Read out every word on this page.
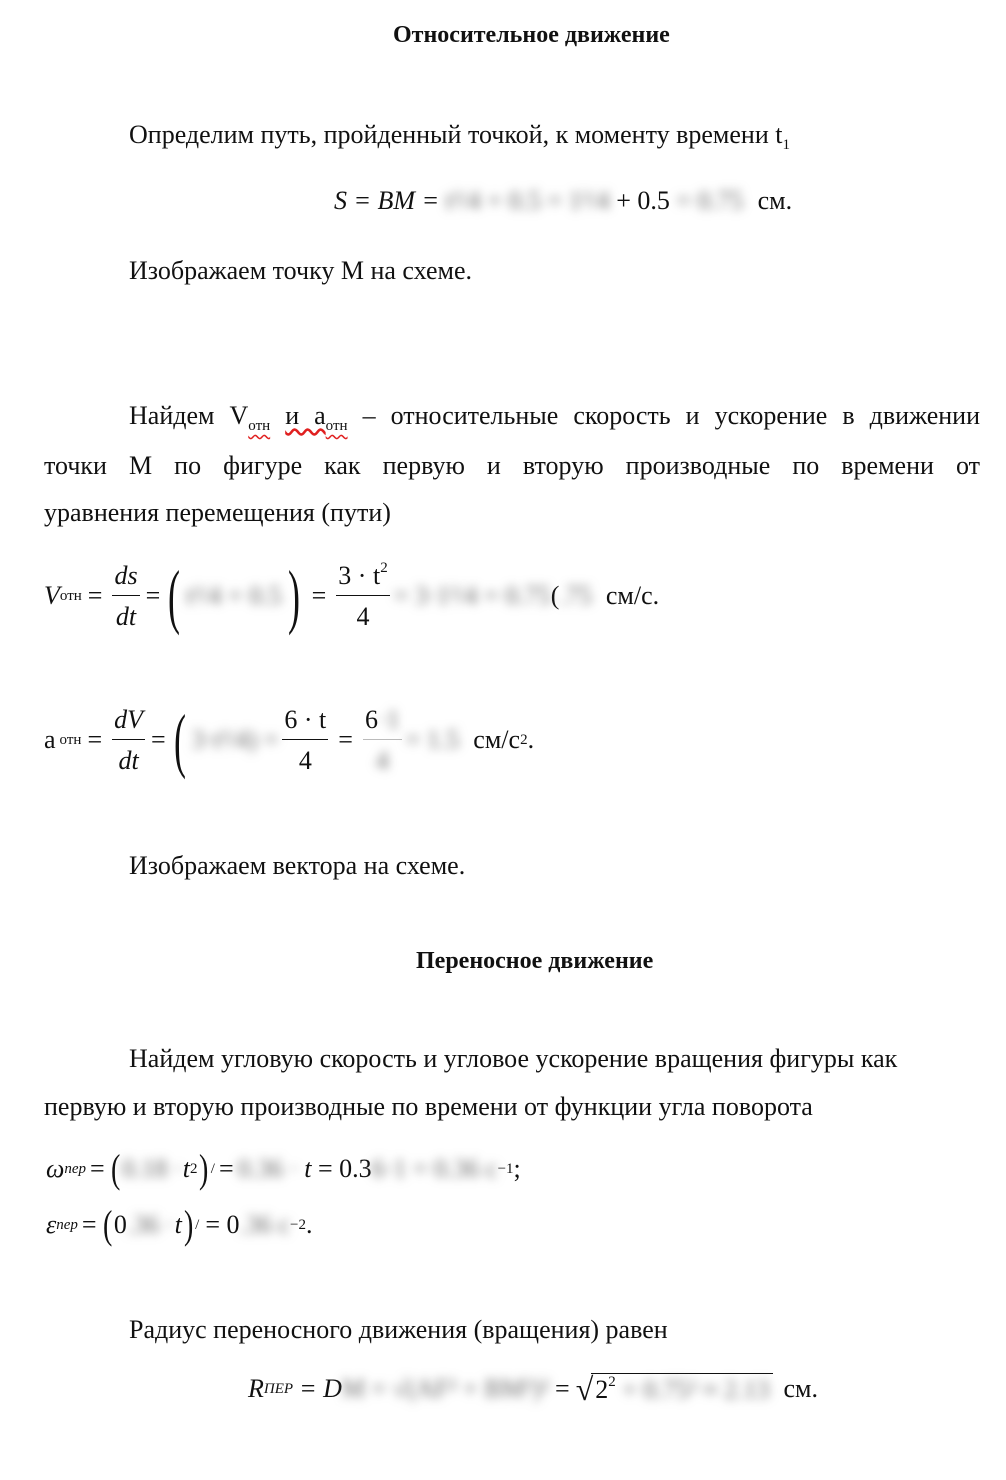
Относительное движение
Определим путь, пройденный точкой, к моменту времени $t_1$
S = BM = t²/4 + 0.5 = 1²/4 + 0.5 = 0.75 см.
Изображаем точку М на схеме.
Найдем $V_{отн}$ и $a_{отн}$ – относительные скорость и ускорение в движении
точки М по фигуре как первую и вторую производные по времени от
уравнения перемещения (пути)
V отн = $\frac{ds}{dt}$ = ( t²/4 + 0.5 ) = $\frac{3 \cdot t^2}{4} = 3\cdot 1^2/4 = 0.75$ ( .75 см/с.
a отн = $\frac{dV}{dt}$ = ( $3\cdot t^2/4) = \frac{6 \cdot t}{4} = \frac{6\cdot 1}{4} = 1.5$ см/с 2 .
Изображаем вектора на схеме.
Переносное движение
Найдем угловую скорость и угловое ускорение вращения фигуры как
первую и вторую производные по времени от функции угла поворота
ω пер = ( 0.18 · t 2 ) / = 0.36 · t = 0.3 6·1 = 0.36 c −1 ;
ε пер = ( 0 .36 · t ) / = 0 .36 c −2 .
Радиус переносного движения (вращения) равен
R ПЕР = D M = √(AF² + BM²)² = √ $2^2 + 0.75^2 \approx 2.13$ см.
